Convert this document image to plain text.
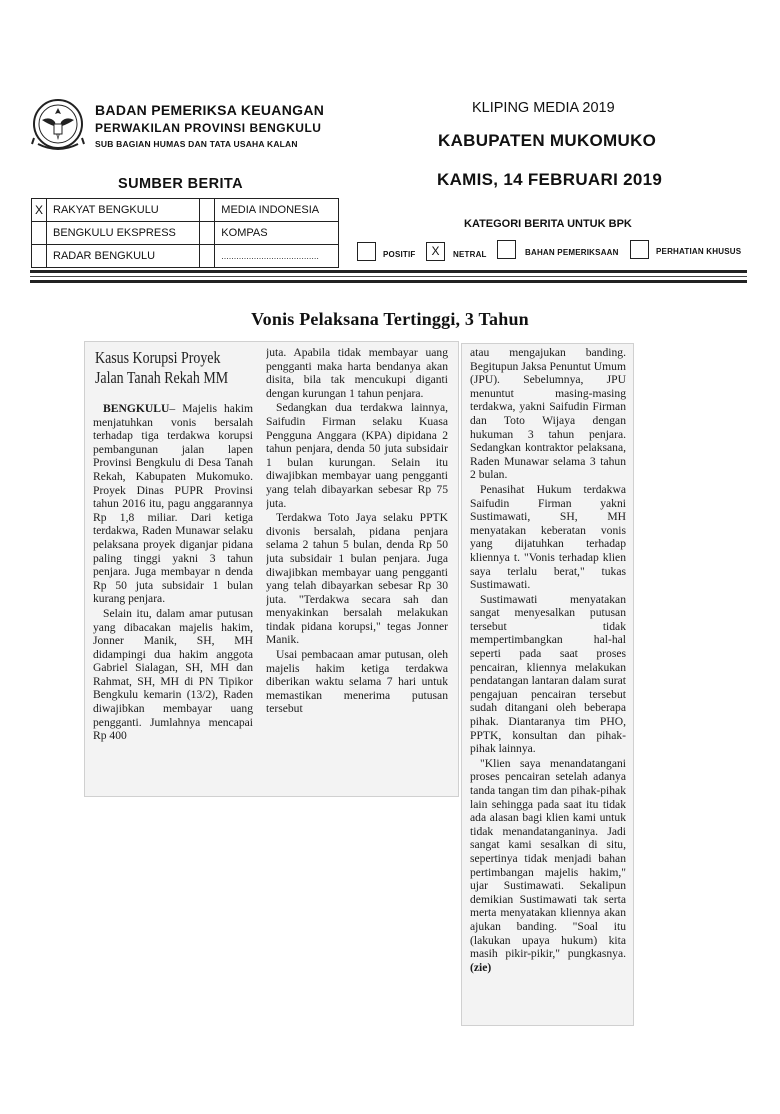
BADAN PEMERIKSA KEUANGAN
PERWAKILAN PROVINSI BENGKULU
SUB BAGIAN HUMAS DAN TATA USAHA KALAN
KLIPING MEDIA 2019
KABUPATEN MUKOMUKO
KAMIS, 14 FEBRUARI 2019
SUMBER BERITA
X	RAKYAT BENGKULU		MEDIA INDONESIA
	BENGKULU EKSPRESS		KOMPAS
	RADAR BENGKULU		.......................................
KATEGORI BERITA UNTUK BPK
POSITIF	X	NETRAL	BAHAN PEMERIKSAAN	PERHATIAN KHUSUS
Vonis Pelaksana Tertinggi, 3 Tahun
Kasus Korupsi Proyek
Jalan Tanah Rekah MM

BENGKULU– Majelis hakim menjatuhkan vonis bersalah terhadap tiga terdakwa korupsi pembangunan jalan lapen Provinsi Bengkulu di Desa Tanah Rekah, Kabupaten Mukomuko. Proyek Dinas PUPR Provinsi tahun 2016 itu, pagu anggarannya Rp 1,8 miliar. Dari ketiga terdakwa, Raden Munawar selaku pelaksana proyek diganjar pidana paling tinggi yakni 3 tahun penjara. Juga membayar n denda Rp 50 juta subsidair 1 bulan kurang penjara.

Selain itu, dalam amar putusan yang dibacakan majelis hakim, Jonner Manik, SH, MH didampingi dua hakim anggota Gabriel Sialagan, SH, MH dan Rahmat, SH, MH di PN Tipikor Bengkulu kemarin (13/2), Raden diwajibkan membayar uang pengganti. Jumlahnya mencapai Rp 400

juta. Apabila tidak membayar uang pengganti maka harta bendanya akan disita, bila tak mencukupi diganti dengan kurungan 1 tahun penjara.

Sedangkan dua terdakwa lainnya, Saifudin Firman selaku Kuasa Pengguna Anggara (KPA) dipidana 2 tahun penjara, denda 50 juta subsidair 1 bulan kurungan. Selain itu diwajibkan membayar uang pengganti yang telah dibayarkan sebesar Rp 75 juta.

Terdakwa Toto Jaya selaku PPTK divonis bersalah, pidana penjara selama 2 tahun 5 bulan, denda Rp 50 juta subsidair 1 bulan penjara. Juga diwajibkan membayar uang pengganti yang telah dibayarkan sebesar Rp 30 juta. "Terdakwa secara sah dan menyakinkan bersalah melakukan tindak pidana korupsi," tegas Jonner Manik.

Usai pembacaan amar putusan, oleh majelis hakim ketiga terdakwa diberikan waktu selama 7 hari untuk memastikan menerima putusan tersebut

atau mengajukan banding. Begitupun Jaksa Penuntut Umum (JPU). Sebelumnya, JPU menuntut masing-masing terdakwa, yakni Saifudin Firman dan Toto Wijaya dengan hukuman 3 tahun penjara. Sedangkan kontraktor pelaksana, Raden Munawar selama 3 tahun 2 bulan.

Penasihat Hukum terdakwa Saifudin Firman yakni Sustimawati, SH, MH menyatakan keberatan vonis yang dijatuhkan terhadap kliennya t. "Vonis terhadap klien saya terlalu berat," tukas Sustimawati.

Sustimawati menyatakan sangat menyesalkan putusan tersebut tidak mempertimbangkan hal-hal seperti pada saat proses pencairan, kliennya melakukan pendatangan lantaran dalam surat pengajuan pencairan tersebut sudah ditangani oleh beberapa pihak. Diantaranya tim PHO, PPTK, konsultan dan pihak-pihak lainnya.

"Klien saya menandatangani proses pencairan setelah adanya tanda tangan tim dan pihak-pihak lain sehingga pada saat itu tidak ada alasan bagi klien kami untuk tidak menandatanganinya. Jadi sangat kami sesalkan di situ, sepertinya tidak menjadi bahan pertimbangan majelis hakim," ujar Sustimawati. Sekalipun demikian Sustimawati tak serta merta menyatakan kliennya akan ajukan banding. "Soal itu (lakukan upaya hukum) kita masih pikir-pikir," pungkasnya.(zie)
